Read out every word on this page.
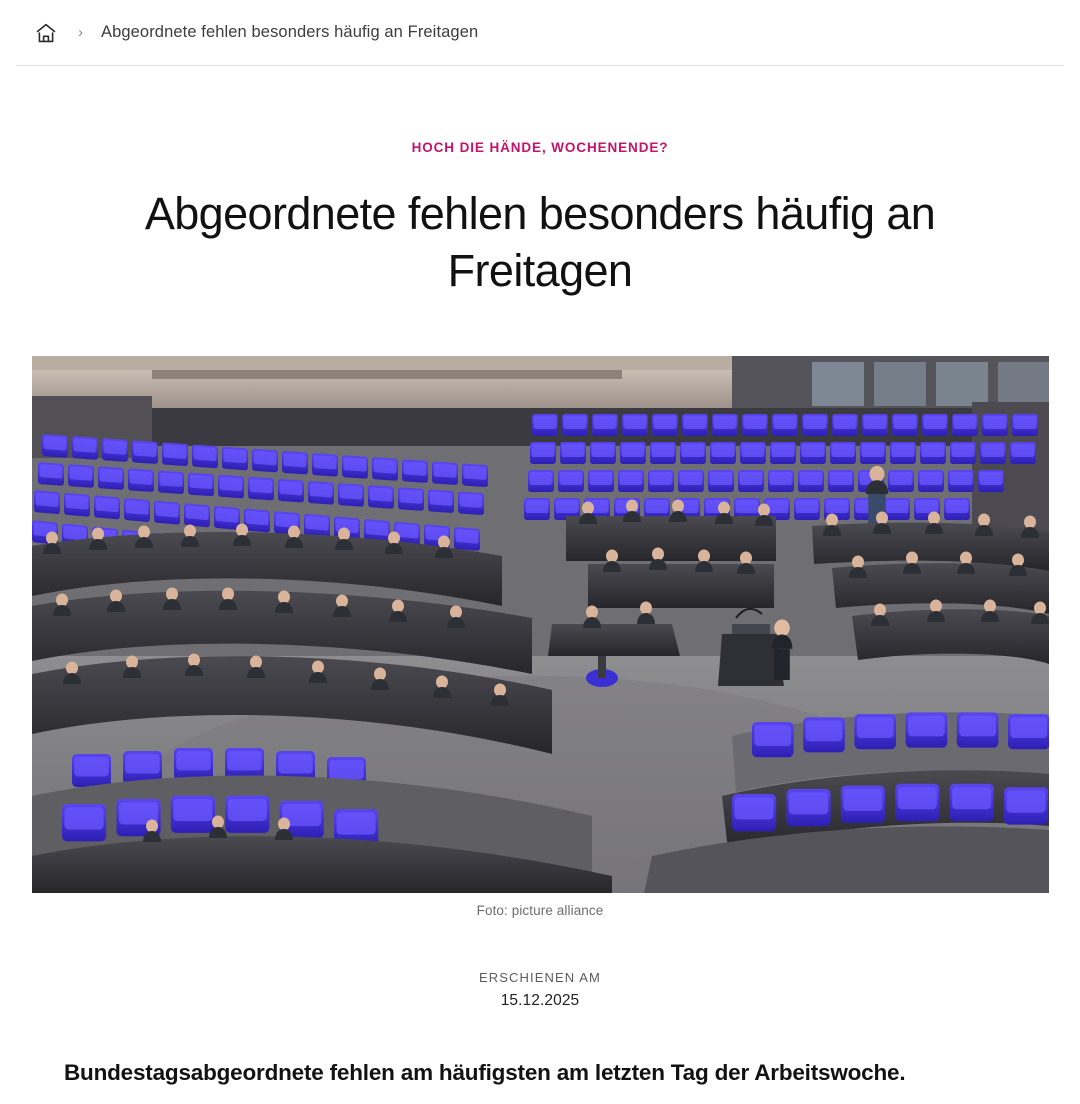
› Abgeordnete fehlen besonders häufig an Freitagen
HOCH DIE HÄNDE, WOCHENENDE?
Abgeordnete fehlen besonders häufig an Freitagen
Foto: picture alliance
ERSCHIENEN AM
15.12.2025

Bundestagsabgeordnete fehlen am häufigsten am letzten Tag der Arbeitswoche.
